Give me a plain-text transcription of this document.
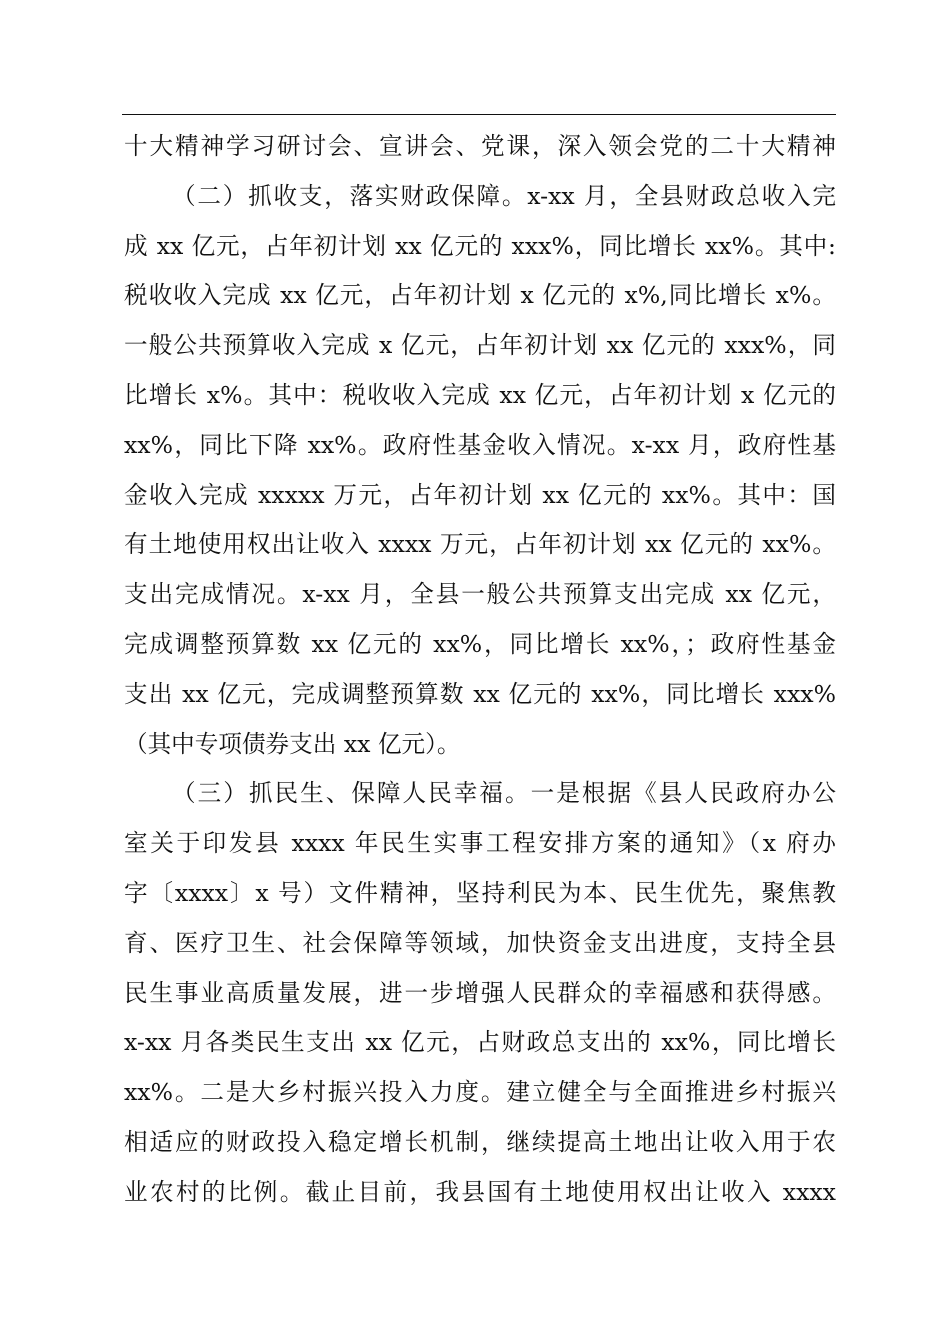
十大精神学习研讨会、宣讲会、党课，深入领会党的二十大精神
（二）抓收支，落实财政保障。x-xx 月，全县财政总收入完
成 xx 亿元，占年初计划 xx 亿元的 xxx%，同比增长 xx%。其中:
税收收入完成 xx 亿元，占年初计划 x 亿元的 x%,同比增长 x%。
一般公共预算收入完成 x 亿元，占年初计划 xx 亿元的 xxx%，同
比增长 x%。其中：税收收入完成 xx 亿元，占年初计划 x 亿元的
xx%，同比下降 xx%。政府性基金收入情况。x-xx 月，政府性基
金收入完成 xxxxx 万元，占年初计划 xx 亿元的 xx%。其中：国
有土地使用权出让收入 xxxx 万元，占年初计划 xx 亿元的 xx%。
支出完成情况。x-xx 月，全县一般公共预算支出完成 xx 亿元，
完成调整预算数 xx 亿元的 xx%，同比增长 xx%，；政府性基金
支出 xx 亿元，完成调整预算数 xx 亿元的 xx%，同比增长 xxx%
（其中专项债券支出 xx 亿元）。
（三）抓民生、保障人民幸福。一是根据《县人民政府办公
室关于印发县 xxxx 年民生实事工程安排方案的通知》（x 府办
字〔xxxx〕x 号）文件精神，坚持利民为本、民生优先，聚焦教
育、医疗卫生、社会保障等领域，加快资金支出进度，支持全县
民生事业高质量发展，进一步增强人民群众的幸福感和获得感。
x-xx 月各类民生支出 xx 亿元，占财政总支出的 xx%，同比增长
xx%。二是大乡村振兴投入力度。建立健全与全面推进乡村振兴
相适应的财政投入稳定增长机制，继续提高土地出让收入用于农
业农村的比例。截止目前，我县国有土地使用权出让收入 xxxx
